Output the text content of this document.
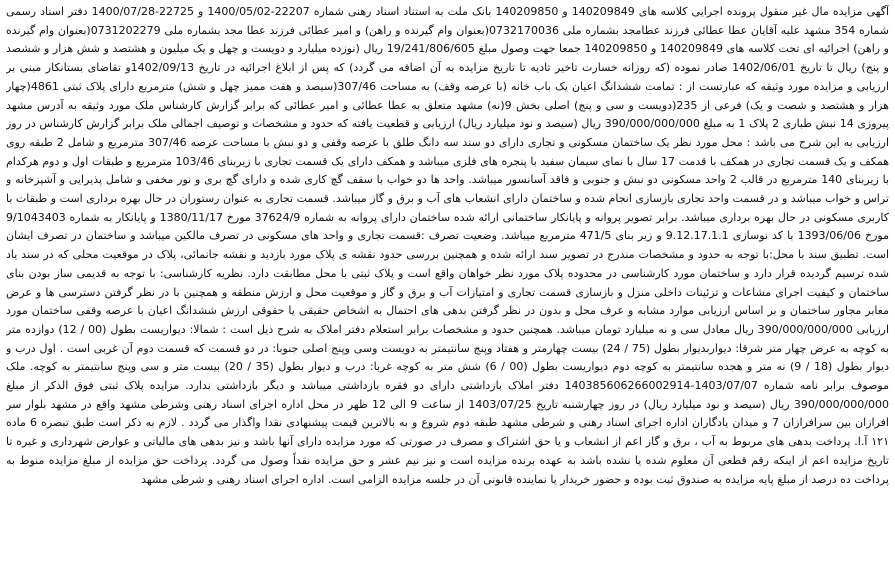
آگهی مزایده مال غیر منقول پرونده اجرایی کلاسه های 140209849 و 140209850 بانک ملت به استناد اسناد رهنی شماره 22207-1400/05/02 و 22725-1400/07/28 دفتر اسناد رسمی شماره 354 مشهد علیه آقایان عطا عطائی فرزند عطامجد بشماره ملی 0732170036(بعنوان وام گیرنده و راهن) و امیر عطائی فرزند عطا مجد بشماره ملی 0731202279(بعنوان وام گیرنده و راهن) اجرائیه ای تحت کلاسه های 140209849 و 140209850 جمعا جهت وصول مبلغ 19/241/806/605 ریال (نوزده میلیارد و دویست و چهل و یک میلیون و هشتصد و شش هزار و ششصد و پنج) ریال تا تاریخ 1402/06/01 صادر نموده (که روزانه خسارت تاخیر تادیه تا تاریخ مزایده به آن اضافه می گردد) که پس از ابلاغ اجرائیه در تاریخ 1402/09/13و تقاضای بستانکار مبنی بر ارزیابی و مزایده مورد وثیقه که عبارتست از : تمامت ششدانگ اعیان یک باب خانه (با عرصه وقف) به مساحت 307/46(سیصد و هفت ممیز چهل و شش) مترمربع دارای پلاک ثبتی 4861(چهار هزار و هشتصد و شصت و یک) فرعی از 235(دویست و سی و پنج) اصلی بخش 9(نه) مشهد متعلق به عطا عطائی و امیر عطائی که برابر گزارش کارشناس ملک مورد وثیقه به آدرس مشهد پیروزی 14 نبش طباری 2 پلاک 1 به مبلغ 390/000/000/000 ریال (سیصد و نود میلیارد ریال) ارزیابی و قطعیت یافته که حدود و مشخصات و توصیف اجمالی ملک برابر گزارش کارشناس در روز ارزیابی به این شرح می باشد : محل مورد نظر یک ساختمان مسکونی و تجاری دارای دو سند سه دانگ طلق با عرصه وقفی و دو نبش با مساحت عرصه 307/46 مترمربع و شامل 2 طبقه روی همکف و یک قسمت تجاری در همکف با قدمت 17 سال با نمای سیمان سفید با پنجره های فلزی میباشد و همکف دارای یک قسمت تجاری با زیربنای 103/46 مترمربع و طبقات اول و دوم هرکدام با زیربنای 140 مترمربع در قالب 2 واحد مسکونی دو نبش و جنوبی و فاقد آسانسور میباشد. واحد ها دو خواب با سقف گچ کاری شده و دارای گچ بری و نور مخفی و شامل پذیرایی و آشپزخانه و تراس و خواب میباشد و در قسمت واحد تجاری بازسازی انجام شده و ساختمان دارای انشعاب های آب و برق و گاز میباشد. قسمت تجاری به عنوان رستوران در حال بهره برداری است و طبقات با کاربری مسکونی در حال بهره برداری میباشد. برابر تصویر پروانه و پایانکار ساختمانی ارائه شده ساختمان دارای پروانه به شماره 37624/9 مورخ 1380/11/17 و پایانکار به شماره 9/1043403 مورخ 1393/06/06 با کد نوسازی 9.12.17.1.1 و زیر بنای 471/5 مترمربع میباشد. وضعیت تصرف :قسمت تجاری و واحد های مسکونی در تصرف مالکین میباشد و ساختمان در تصرف ایشان است. تطبیق سند با محل:با توجه به حدود و مشخصات مندرج در تصویر سند ارائه شده و همچنین بررسی حدود نقشه ی پلاک مورد بازدید و نقشه جانمائی، پلاک در موقعیت محلی که در سند یاد شده ترسیم گردیده قرار دارد و ساختمان مورد کارشناسی در محدوده پلاک مورد نظر خواهان واقع است و پلاک ثبتی با محل مطابقت دارد. نظریه کارشناسی: با توجه به قدیمی ساز بودن بنای ساختمان و کیفیت اجرای مشاعات و تزئینات داخلی منزل و بازسازی قسمت تجاری و امتیازات آب و برق و گاز و موقعیت محل و ارزش منطقه و همچنین با در نظر گرفتن دسترسی ها و عرض معابر مجاور ساختمان و بر اساس ارزیابی موارد مشابه و عرف محل و بدون در نظر گرفتن بدهی های احتمال به اشخاص حقیقی یا حقوقی ارزش ششدانگ اعیان با عرصه وقفی ساختمان مورد ارزیابی 390/000/000/000 ریال معادل سی و نه میلیارد تومان میباشد. همچنین حدود و مشخصات برابر استعلام دفتر املاک به شرح ذیل است : شمالا: دیواریست بطول (00 / 12) دوازده متر به کوچه به عرض چهار متر شرقا: دیواربدیوار بطول (75 / 24) بیست چهارمتر و هفتاد وپنج سانتیمتر به دویست وسی وپنج اصلی جنوبا: در دو قسمت که قسمت دوم آن غربی است . اول درب و دیوار بطول (18 / 9) نه متر و هجده سانتیمتر به کوچه دوم دیواریست بطول (00 / 6) شش متر به کوچه غربا: درب و دیوار بطول (35 / 20) بیست متر و سی وپنج سانتیمتر به کوچه. ملک موصوف برابر نامه شماره 1403/07/07-140385606266002914 دفتر املاک بازداشتی دارای دو فقره بازداشتی میباشد و دیگر بازداشتی ندارد. مزایده پلاک ثبتی فوق الذکر از مبلغ 390/000/000/000 ریال (سیصد و نود میلیارد ریال) در روز چهارشنبه تاریخ 1403/07/25 از ساعت 9 الی 12 ظهر در محل اداره اجرای اسناد رهنی وشرطی مشهد واقع در مشهد بلوار سر افرازان بین سرافرازان 7 و میدان یادگاران اداره اجرای اسناد رهنی و شرطی مشهد طبقه دوم شروع و به بالاترین قیمت پیشنهادی نقدا واگذار می گردد . لازم به ذکر است طبق تبصره 6 ماده ۱۲۱ آ.ا. پرداخت بدهی های مربوط به آب ، برق و گاز اعم از انشعاب و یا حق اشتراک و مصرف در صورتی که مورد مزایده دارای آنها باشد و نیز بدهی های مالیاتی و عوارض شهرداری و غیره تا تاریخ مزایده اعم از اینکه رقم قطعی آن معلوم شده یا نشده باشد به عهده برنده مزایده است و نیز نیم عشر و حق مزایده نقداً وصول می گردد. پرداخت حق مزایده از مبلغ مزایده منوط به پرداخت ده درصد از مبلغ پایه مزایده به صندوق ثبت بوده و حضور خریدار یا نماینده قانونی آن در جلسه مزایده الزامی است. اداره اجرای اسناد رهنی و شرطی مشهد
